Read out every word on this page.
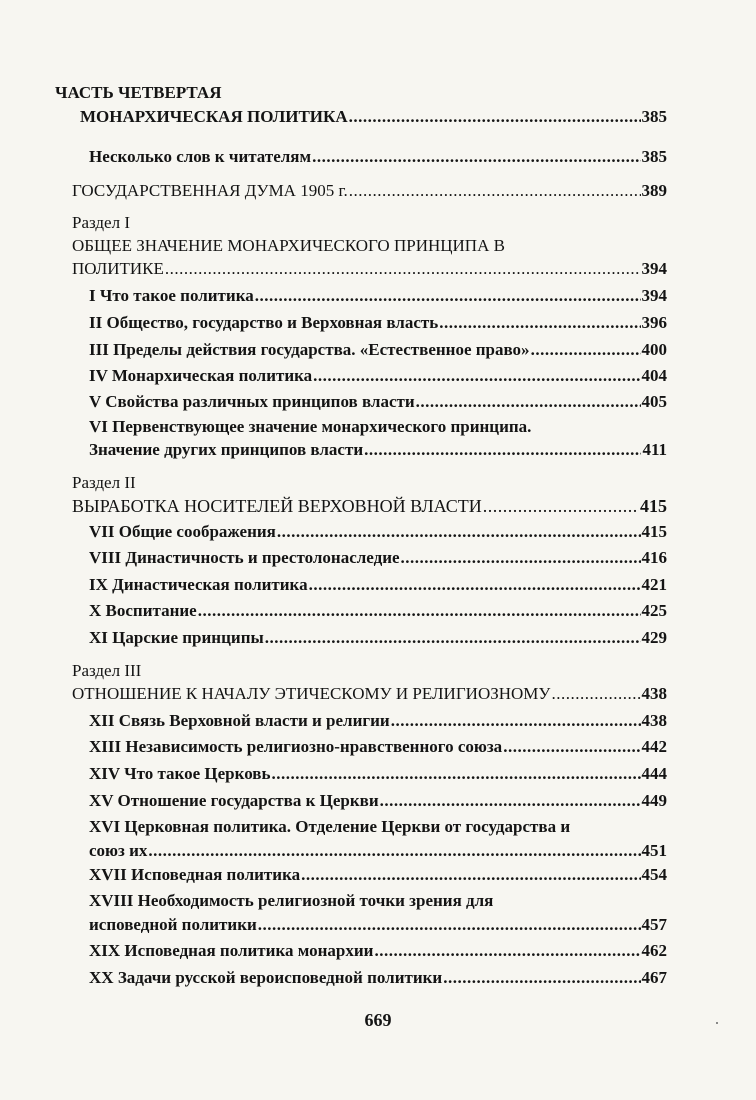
ЧАСТЬ ЧЕТВЕРТАЯ
МОНАРХИЧЕСКАЯ ПОЛИТИКА .....	385
Несколько слов к читателям .....	385
ГОСУДАРСТВЕННАЯ ДУМА 1905 г. .....	389
Раздел I
ОБЩЕЕ ЗНАЧЕНИЕ МОНАРХИЧЕСКОГО ПРИНЦИПА В
ПОЛИТИКЕ .....	394
I Что такое политика .....	394
II Общество, государство и Верховная власть .....	396
III Пределы действия государства. «Естественное право» .....	400
IV Монархическая политика .....	404
V Свойства различных принципов власти .....	405
VI Первенствующее значение монархического принципа.
Значение других принципов власти .....	411
Раздел II
ВЫРАБОТКА НОСИТЕЛЕЙ ВЕРХОВНОЙ ВЛАСТИ .....	415
VII Общие соображения .....	415
VIII Династичность и престолонаследие .....	416
IX Династическая политика .....	421
X Воспитание .....	425
XI Царские принципы .....	429
Раздел III
ОТНОШЕНИЕ К НАЧАЛУ ЭТИЧЕСКОМУ И РЕЛИГИОЗНОМУ .....	438
XII Связь Верховной власти и религии .....	438
XIII Независимость религиозно-нравственного союза .....	442
XIV Что такое Церковь .....	444
XV Отношение государства к Церкви .....	449
XVI Церковная политика. Отделение Церкви от государства и
союз их .....	451
XVII Исповедная политика .....	454
XVIII Необходимость религиозной точки зрения для
исповедной политики .....	457
XIX Исповедная политика монархии .....	462
XX Задачи русской вероисповедной политики .....	467
669
